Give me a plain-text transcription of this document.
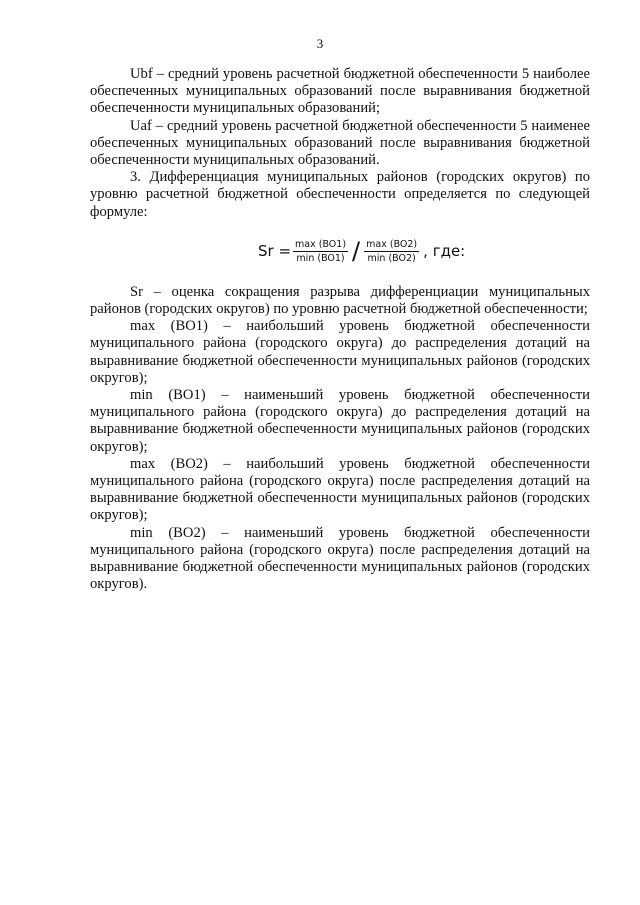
3

Ubf – средний уровень расчетной бюджетной обеспеченности 5 наиболее обеспеченных муниципальных образований после выравнивания бюджетной обеспеченности муниципальных образований;

Uaf – средний уровень расчетной бюджетной обеспеченности 5 наименее обеспеченных муниципальных образований после выравнивания бюджетной обеспеченности муниципальных образований.

3. Дифференциация муниципальных районов (городских округов) по уровню расчетной бюджетной обеспеченности определяется по следующей формуле:

$Sr = \frac{\max (BO1)}{\min (BO1)} / \frac{\max (BO2)}{\min (BO2)}$ , где:

Sr – оценка сокращения разрыва дифференциации муниципальных районов (городских округов) по уровню расчетной бюджетной обеспеченности;

max (BO1) – наибольший уровень бюджетной обеспеченности муниципального района (городского округа) до распределения дотаций на выравнивание бюджетной обеспеченности муниципальных районов (городских округов);

min (BO1) – наименьший уровень бюджетной обеспеченности муниципального района (городского округа) до распределения дотаций на выравнивание бюджетной обеспеченности муниципальных районов (городских округов);

max (BO2) – наибольший уровень бюджетной обеспеченности муниципального района (городского округа) после распределения дотаций на выравнивание бюджетной обеспеченности муниципальных районов (городских округов);

min (BO2) – наименьший уровень бюджетной обеспеченности муниципального района (городского округа) после распределения дотаций на выравнивание бюджетной обеспеченности муниципальных районов (городских округов).
